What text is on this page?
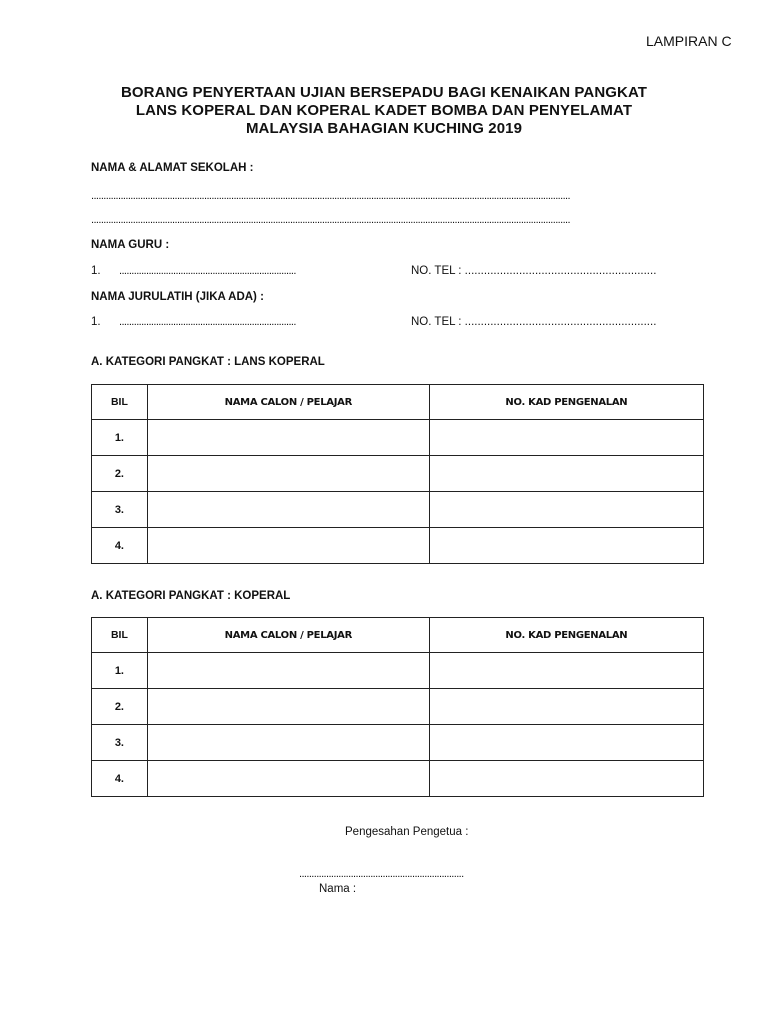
LAMPIRAN C
BORANG PENYERTAAN UJIAN BERSEPADU BAGI KENAIKAN PANGKAT
LANS KOPERAL DAN KOPERAL KADET BOMBA DAN PENYELAMAT
MALAYSIA BAHAGIAN KUCHING 2019
NAMA & ALAMAT SEKOLAH :
...................................................................................................................................................................................................
...................................................................................................................................................................................................
NAMA GURU :
1. ........................................................................	NO. TEL : ............................................................
NAMA JURULATIH (JIKA ADA) :
1. ........................................................................	NO. TEL : ............................................................
A. KATEGORI PANGKAT : LANS KOPERAL
BIL	NAMA CALON / PELAJAR	NO. KAD PENGENALAN
1.		
2.		
3.		
4.		
A. KATEGORI PANGKAT : KOPERAL
BIL	NAMA CALON / PELAJAR	NO. KAD PENGENALAN
1.		
2.		
3.		
4.		
Pengesahan Pengetua :
...................................................................
Nama :
